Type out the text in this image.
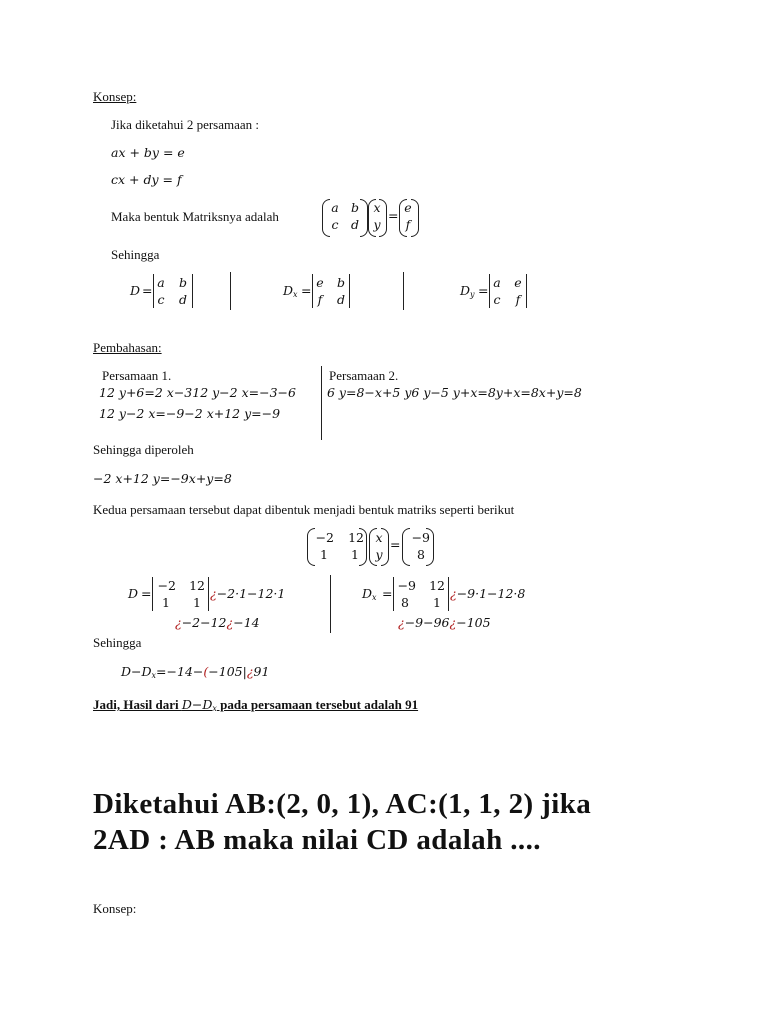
Konsep:
Jika diketahui 2 persamaan :
ax + by = e
cx + dy = f
Maka bentuk Matriksnya adalah
a b
c d
x
y
=
e
f
Sehingga
D =
a b
c d
$D_x$ =
e b
f	d
$D_y$ =
a e
c	f
Pembahasan:
Persamaan 1.
12 y+6=2 x−312 y−2 x=−3−6
12 y−2 x=−9−2 x+12 y=−9
Persamaan 2.
6 y=8−x+5 y6 y−5 y+x=8y+x=8x+y=8
Sehingga diperoleh
−2 x+12 y=−9x+y=8
Kedua persamaan tersebut dapat dibentuk menjadi bentuk matriks seperti berikut
−2	12
1	1
x
y
= −9
8
D =
−2	12
1	1
¿−2·1−12·1
¿−2−12¿−14
$D_x$ =
−9	12
8	1
¿−9·1−12·8
¿−9−96¿−105
Sehingga
$D-D_x=-14-(-105|¿91$
Jadi, Hasil dari $D-D_x$ pada persamaan tersebut adalah 91
Diketahui AB:(2, 0, 1), AC:(1, 1, 2) jika
2AD : AB maka nilai CD adalah ....
Konsep:
